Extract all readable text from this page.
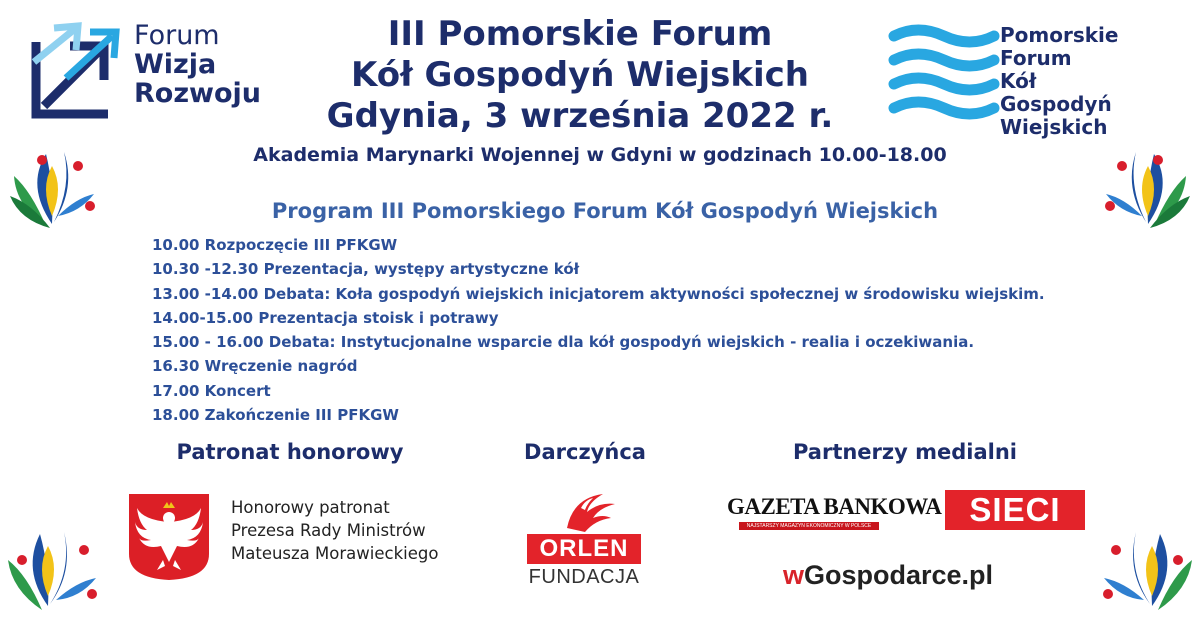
Forum
Wizja
Rozwoju
III Pomorskie Forum
Kół Gospodyń Wiejskich
Gdynia, 3 września 2022 r.
Pomorskie
Forum
Kół Gospodyń
Wiejskich
Akademia Marynarki Wojennej w Gdyni w godzinach 10.00-18.00
Program III Pomorskiego Forum Kół Gospodyń Wiejskich
10.00 Rozpoczęcie III PFKGW
10.30 -12.30 Prezentacja, występy artystyczne kół
13.00 -14.00 Debata: Koła gospodyń wiejskich inicjatorem aktywności społecznej w środowisku wiejskim.
14.00-15.00 Prezentacja stoisk i potrawy
15.00 - 16.00 Debata: Instytucjonalne wsparcie dla kół gospodyń wiejskich - realia i oczekiwania.
16.30 Wręczenie nagród
17.00 Koncert
18.00 Zakończenie III PFKGW
Patronat honorowy	Darczyńca	Partnerzy medialni
Honorowy patronat
Prezesa Rady Ministrów
Mateusza Morawieckiego	ORLEN
FUNDACJA
GAZETA BANKOWA
NAJSTARSZY MAGAZYN EKONOMICZNY W POLSCE	SIECI
wGospodarce.pl
